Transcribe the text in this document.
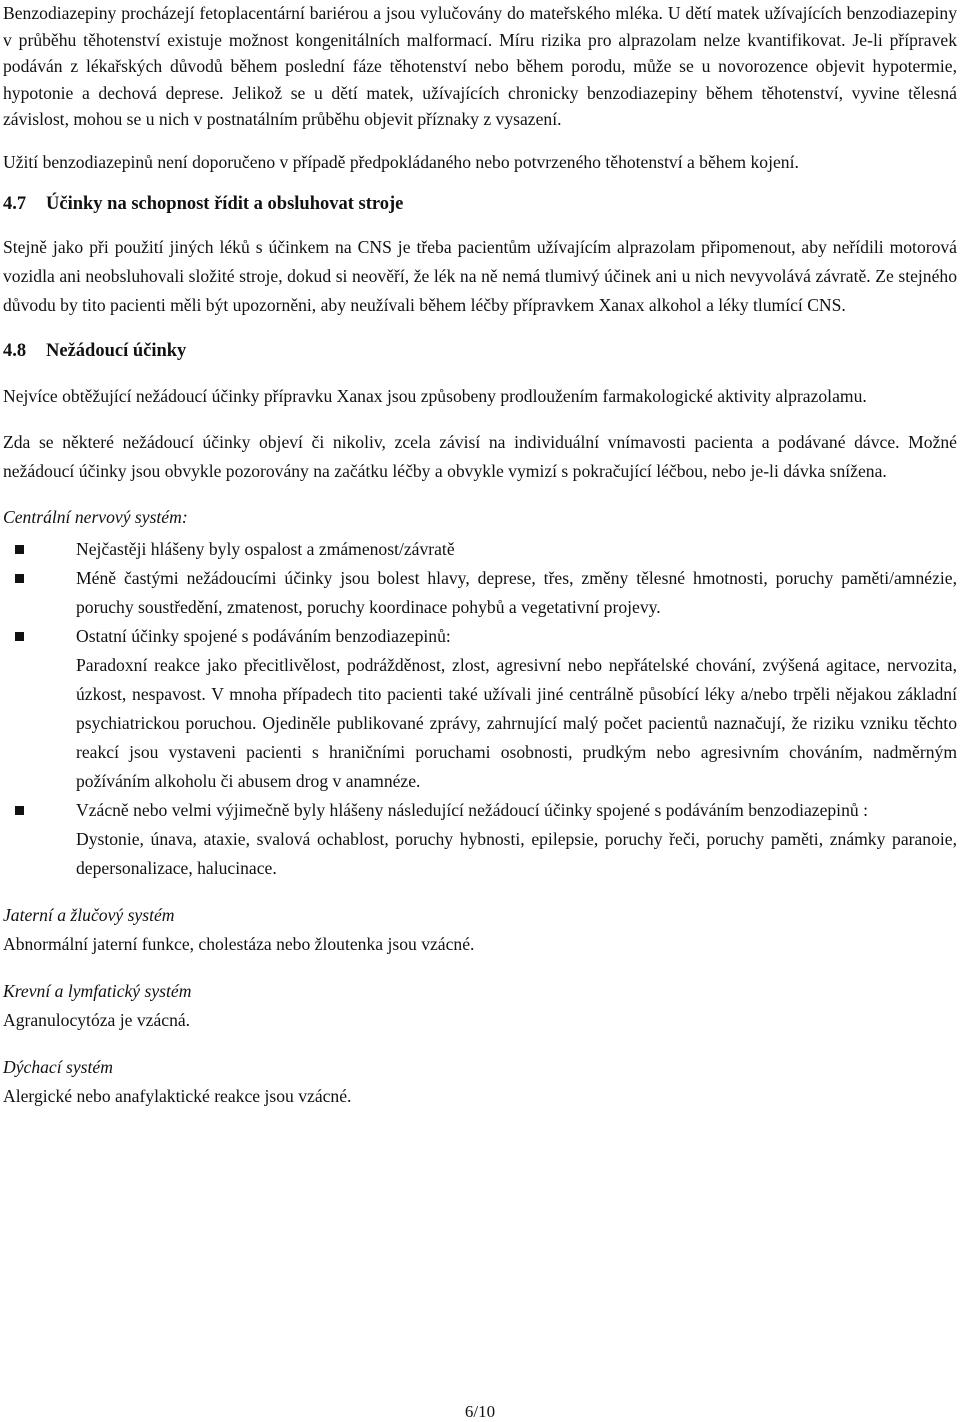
Benzodiazepiny procházejí fetoplacentární bariérou a jsou vylučovány do mateřského mléka. U dětí matek užívajících benzodiazepiny v průběhu těhotenství existuje možnost kongenitálních malformací. Míru rizika pro alprazolam nelze kvantifikovat. Je-li přípravek podáván z lékařských důvodů během poslední fáze těhotenství nebo během porodu, může se u novorozence objevit hypotermie, hypotonie a dechová deprese. Jelikož se u dětí matek, užívajících chronicky benzodiazepiny během těhotenství, vyvine tělesná závislost, mohou se u nich v postnatálním průběhu objevit příznaky z vysazení.

Užití benzodiazepinů není doporučeno v případě předpokládaného nebo potvrzeného těhotenství a během kojení.

4.7 Účinky na schopnost řídit a obsluhovat stroje

Stejně jako při použití jiných léků s účinkem na CNS je třeba pacientům užívajícím alprazolam připomenout, aby neřídili motorová vozidla ani neobsluhovali složité stroje, dokud si neověří, že lék na ně nemá tlumivý účinek ani u nich nevyvolává závratě. Ze stejného důvodu by tito pacienti měli být upozorněni, aby neužívali během léčby přípravkem Xanax alkohol a léky tlumící CNS.

4.8 Nežádoucí účinky

Nejvíce obtěžující nežádoucí účinky přípravku Xanax jsou způsobeny prodloužením farmakologické aktivity alprazolamu.

Zda se některé nežádoucí účinky objeví či nikoliv, zcela závisí na individuální vnímavosti pacienta a podávané dávce. Možné nežádoucí účinky jsou obvykle pozorovány na začátku léčby a obvykle vymizí s pokračující léčbou, nebo je-li dávka snížena.

Centrální nervový systém:

Nejčastěji hlášeny byly ospalost a zmámenost/závratě
Méně častými nežádoucími účinky jsou bolest hlavy, deprese, třes, změny tělesné hmotnosti, poruchy paměti/amnézie, poruchy soustředění, zmatenost, poruchy koordinace pohybů a vegetativní projevy.
Ostatní účinky spojené s podáváním benzodiazepinů:
Paradoxní reakce jako přecitlivělost, podrážděnost, zlost, agresivní nebo nepřátelské chování, zvýšená agitace, nervozita, úzkost, nespavost. V mnoha případech tito pacienti také užívali jiné centrálně působící léky a/nebo trpěli nějakou základní psychiatrickou poruchou. Ojediněle publikované zprávy, zahrnující malý počet pacientů naznačují, že riziku vzniku těchto reakcí jsou vystaveni pacienti s hraničními poruchami osobnosti, prudkým nebo agresivním chováním, nadměrným požíváním alkoholu či abusem drog v anamnéze.
Vzácně nebo velmi výjimečně byly hlášeny následující nežádoucí účinky spojené s podáváním benzodiazepinů :
Dystonie, únava, ataxie, svalová ochablost, poruchy hybnosti, epilepsie, poruchy řeči, poruchy paměti, známky paranoie, depersonalizace, halucinace.

Jaterní a žlučový systém

Abnormální jaterní funkce, cholestáza nebo žloutenka jsou vzácné.

Krevní a lymfatický systém

Agranulocytóza je vzácná.

Dýchací systém

Alergické nebo anafylaktické reakce jsou vzácné.

6/10
